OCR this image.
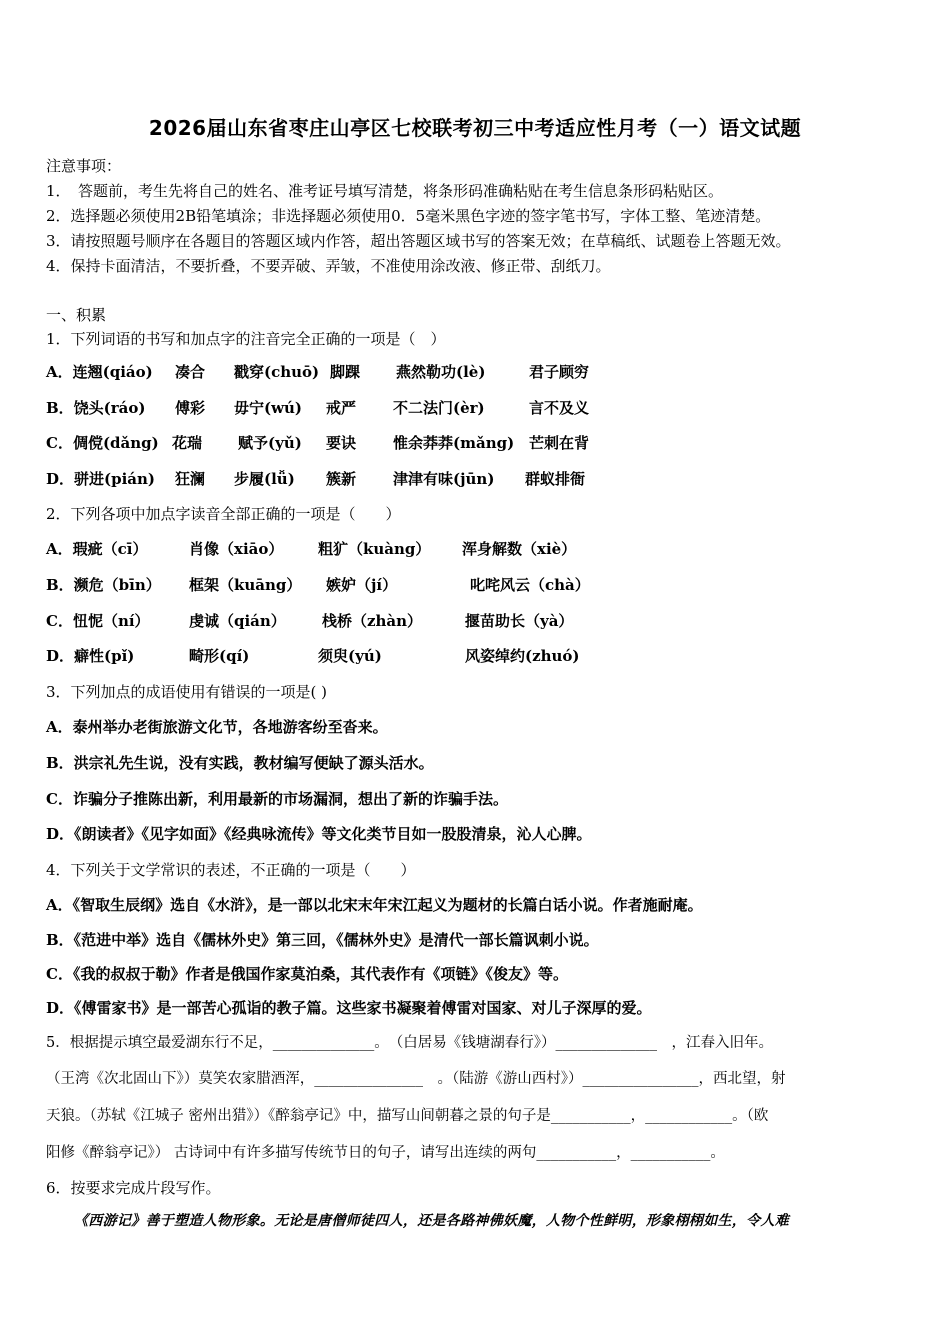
2026届山东省枣庄山亭区七校联考初三中考适应性月考（一）语文试题
注意事项：
1．　答题前，考生先将自己的姓名、准考证号填写清楚，将条形码准确粘贴在考生信息条形码粘贴区。
2．选择题必须使用2B铅笔填涂；非选择题必须使用0．5毫米黑色字迹的签字笔书写，字体工整、笔迹清楚。
3．请按照题号顺序在各题目的答题区域内作答，超出答题区域书写的答案无效；在草稿纸、试题卷上答题无效。
4．保持卡面清洁，不要折叠，不要弄破、弄皱，不准使用涂改液、修正带、刮纸刀。
一、积累
1．下列词语的书写和加点字的注音完全正确的一项是（　）
A．连翘(qiáo) 凑合 戳穿(chuō) 脚踝 燕然勒功(lè)	君子顾穷
B．饶头(ráo) 傅彩 毋宁(wú) 戒严 不二法门(èr)	言不及义
C．倜傥(dǎng) 花瑞 赋予(yǔ) 要诀 惟余莽莽(mǎng) 芒刺在背
D．骈进(pián) 狂澜 步履(lǚ) 簇新 津津有味(jūn) 群蚁排衙
2．下列各项中加点字读音全部正确的一项是（　　）
A．瑕疵（cī）	肖像（xiāo） 粗犷（kuàng） 浑身解数（xiè）
B．濒危（bīn） 框架（kuāng） 嫉妒（jí）	叱咤风云（chà）
C．忸怩（ní）	虔诚（qián） 栈桥（zhàn）	揠苗助长（yà）
D．癖性(pǐ)	畸形(qí)	须臾(yú)	风姿绰约(zhuó)
3．下列加点的成语使用有错误的一项是( )
A．泰州举办老街旅游文化节，各地游客纷至沓来。
B．洪宗礼先生说，没有实践，教材编写便缺了源头活水。
C．诈骗分子推陈出新，利用最新的市场漏洞，想出了新的诈骗手法。
D．《朗读者》《见字如面》《经典咏流传》等文化类节目如一股股清泉，沁人心脾。
4．下列关于文学常识的表述，不正确的一项是（　　）
A．《智取生辰纲》选自《水浒》，是一部以北宋末年宋江起义为题材的长篇白话小说。作者施耐庵。
B．《范进中举》选自《儒林外史》第三回，《儒林外史》是清代一部长篇讽刺小说。
C．《我的叔叔于勒》作者是俄国作家莫泊桑，其代表作有《项链》《俊友》等。
D．《傅雷家书》是一部苦心孤诣的教子篇。这些家书凝聚着傅雷对国家、对儿子深厚的爱。
5．根据提示填空最爱湖东行不足，______________。　（白居易《钱塘湖春行》）______________　，江春入旧年。
（王湾《次北固山下》）莫笑农家腊酒浑，_______________　。（陆游《游山西村》）________________，西北望，射
天狼。（苏轼《江城子 密州出猎》）《醉翁亭记》中，描写山间朝暮之景的句子是___________，____________。（欧
阳修《醉翁亭记》） 古诗词中有许多描写传统节日的句子，请写出连续的两句___________，___________。
6．按要求完成片段写作。
《西游记》善于塑造人物形象。无论是唐僧师徒四人，还是各路神佛妖魔，人物个性鲜明，形象栩栩如生，令人难
